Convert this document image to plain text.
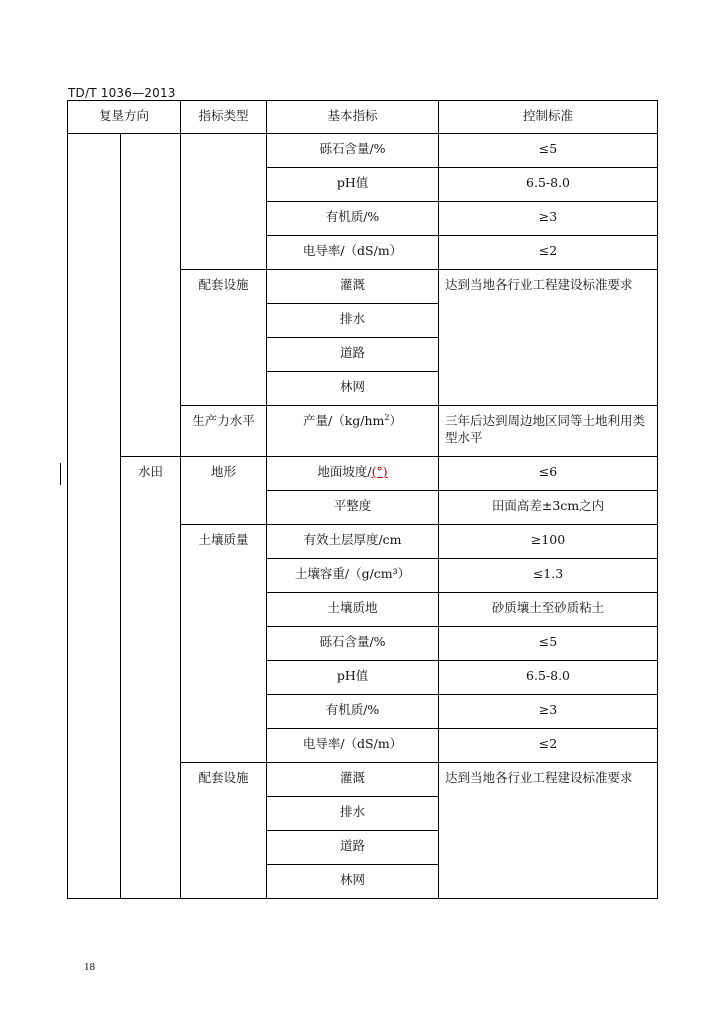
TD/T 1036—2013
复垦方向		指标类型	基本指标	控制标准
			砾石含量/%	≤5
			pH值	6.5-8.0
			有机质/%	≥3
			电导率/（dS/m）	≤2
		配套设施	灌溉	达到当地各行业工程建设标准要求
			排水	
			道路	
			林网	
		生产力水平	产量$/(kg/hm^2)$	三年后达到周边地区同等土地利用类型水平
	水田	地形	地面坡度/(°)	≤6
			平整度	田面高差±3cm之内
		土壤质量	有效土层厚度/cm	≥100
			土壤容重/（g/cm³）	≤1.3
			土壤质地	砂质壤土至砂质粘土
			砾石含量/%	≤5
			pH值	6.5-8.0
			有机质/%	≥3
			电导率/（dS/m）	≤2
		配套设施	灌溉	达到当地各行业工程建设标准要求
			排水	
			道路	
			林网	
18
